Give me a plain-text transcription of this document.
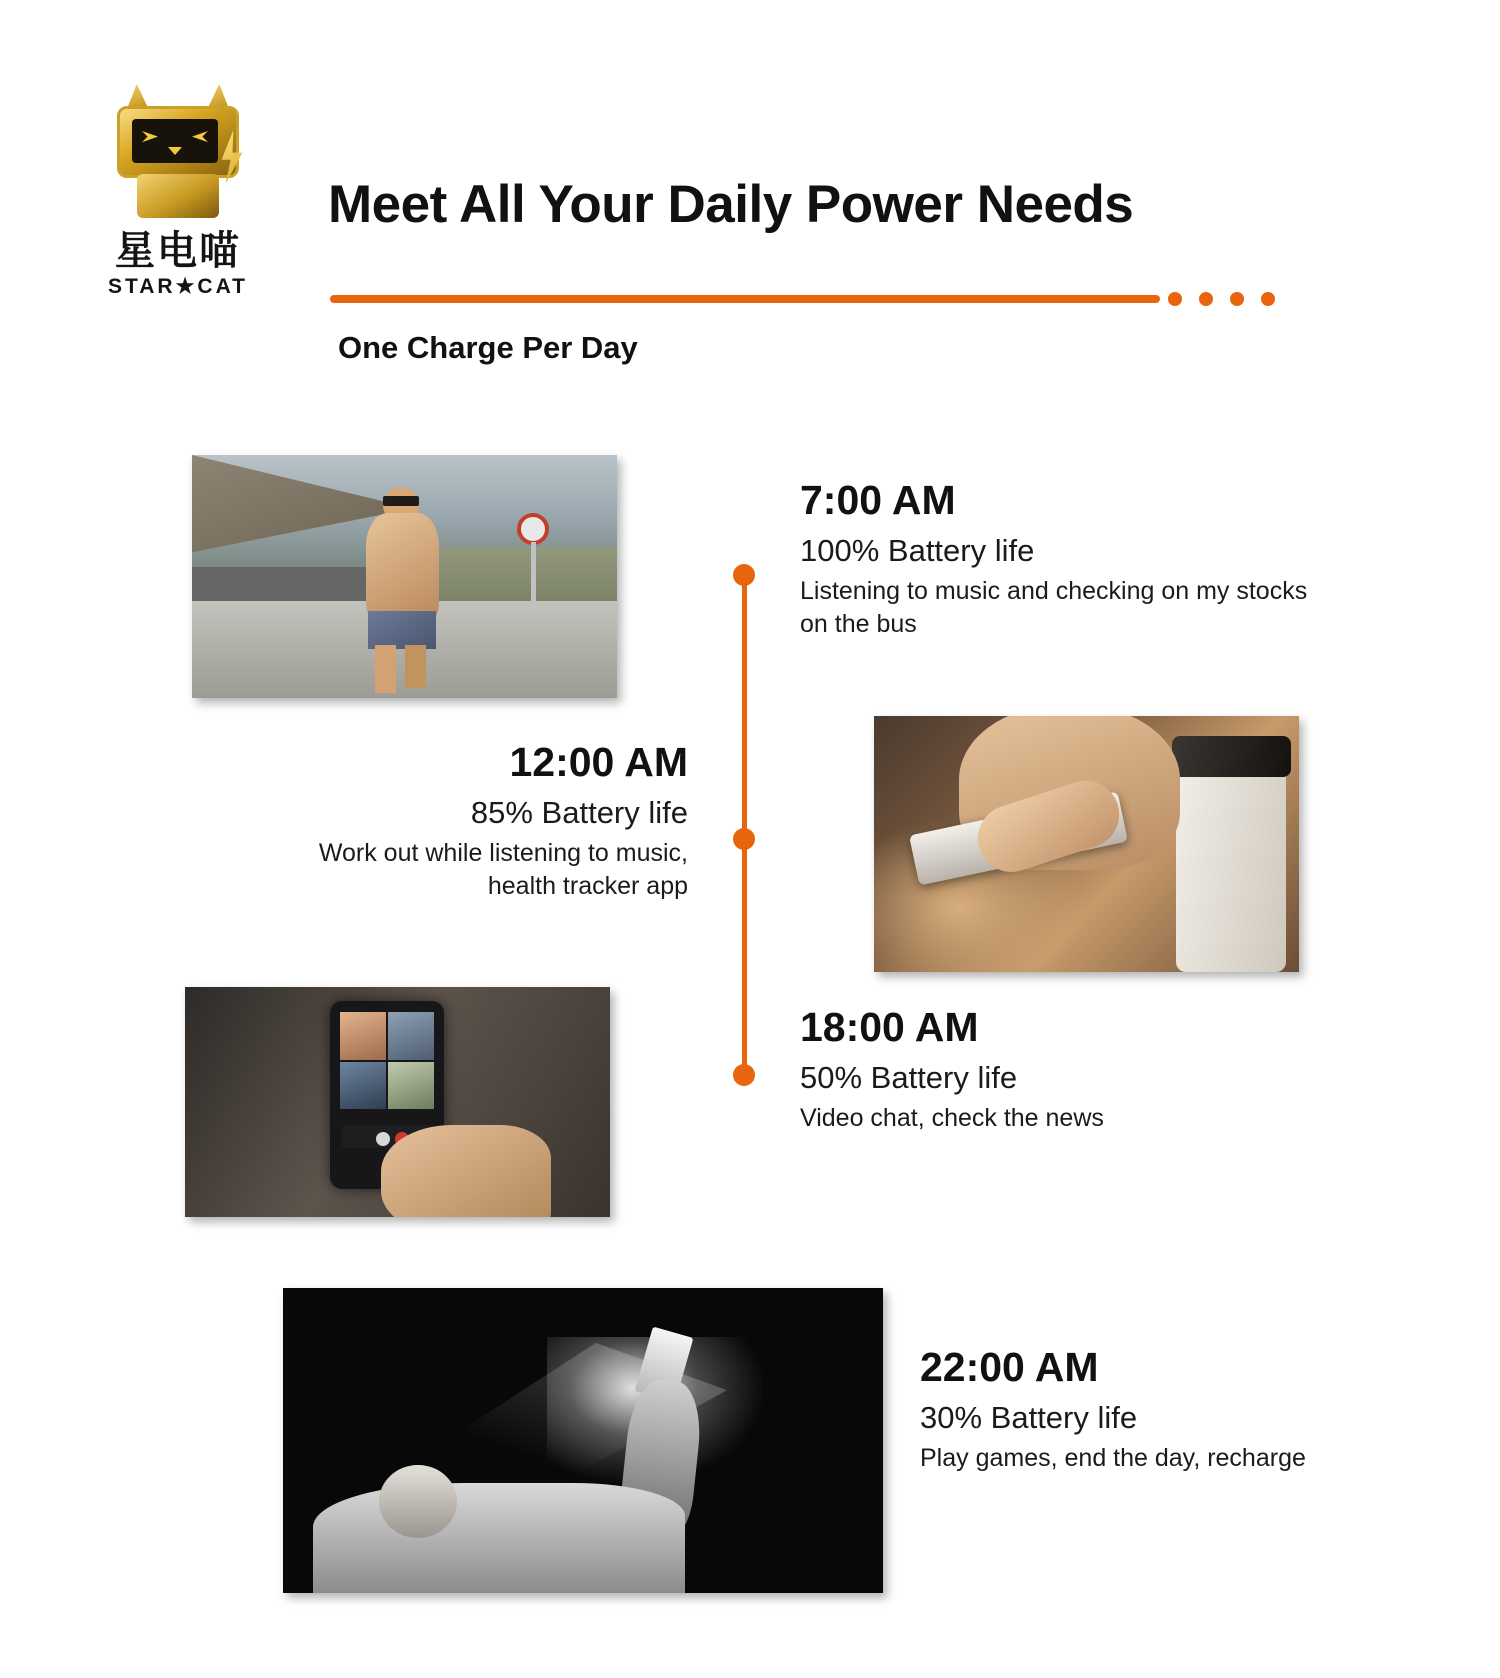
星电喵
STAR★CAT
Meet All Your Daily Power Needs
One Charge Per Day
7:00 AM
100% Battery life
Listening to music and checking on my stocks on the bus
12:00 AM
85% Battery life
Work out while listening to music, health tracker app
18:00 AM
50% Battery life
Video chat, check the news
22:00 AM
30% Battery life
Play games, end the day, recharge
